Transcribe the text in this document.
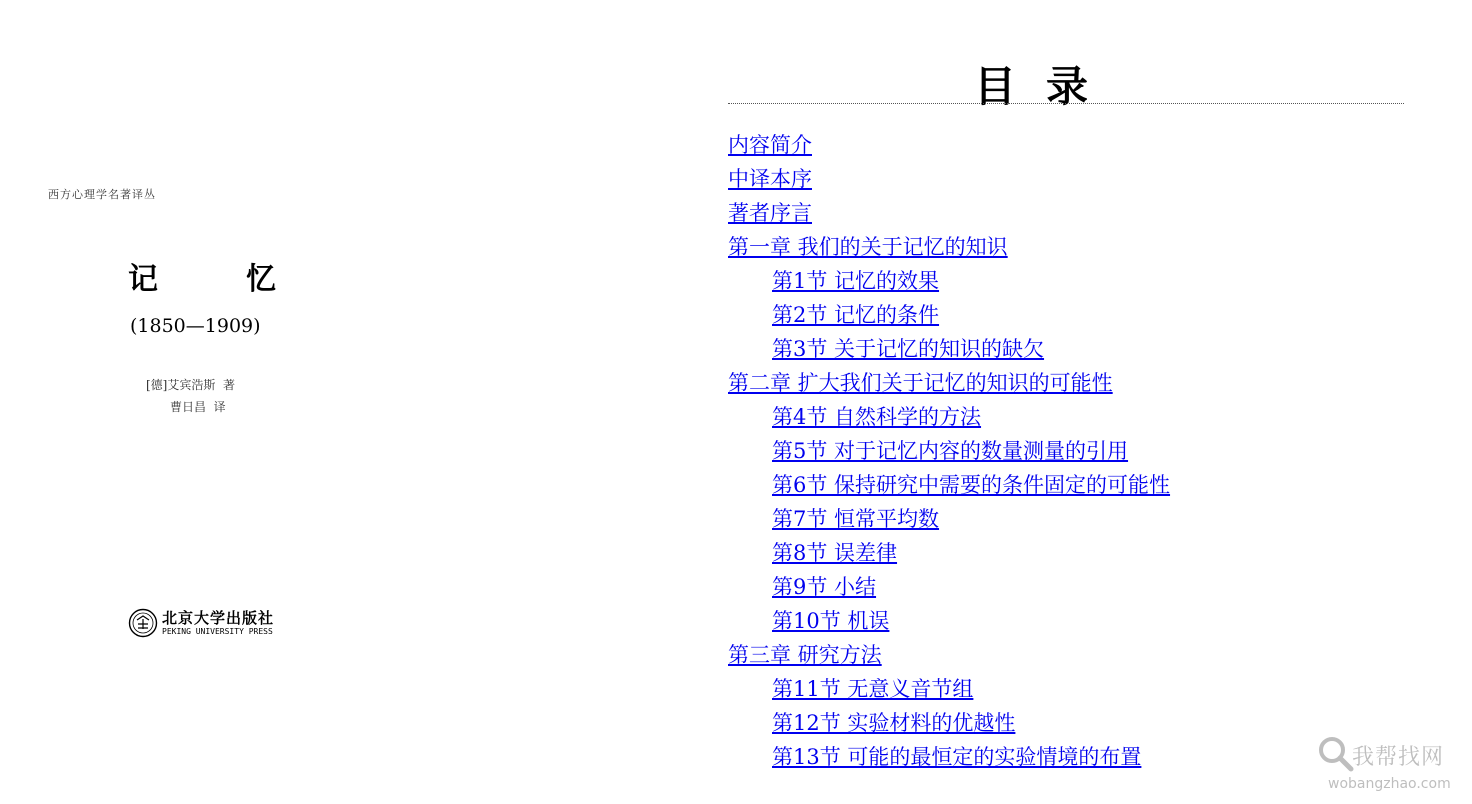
西方心理学名著译丛
记	忆
(1850—1909)
[德]艾宾浩斯  著
曹日昌  译
北京大学出版社
PEKING UNIVERSITY PRESS
目录
内容简介
中译本序
著者序言
第一章 我们的关于记忆的知识
第1节 记忆的效果
第2节 记忆的条件
第3节 关于记忆的知识的缺欠
第二章 扩大我们关于记忆的知识的可能性
第4节 自然科学的方法
第5节 对于记忆内容的数量测量的引用
第6节 保持研究中需要的条件固定的可能性
第7节 恒常平均数
第8节 误差律
第9节 小结
第10节 机误
第三章 研究方法
第11节 无意义音节组
第12节 实验材料的优越性
第13节 可能的最恒定的实验情境的布置	我帮找网
wobangzhao.com
